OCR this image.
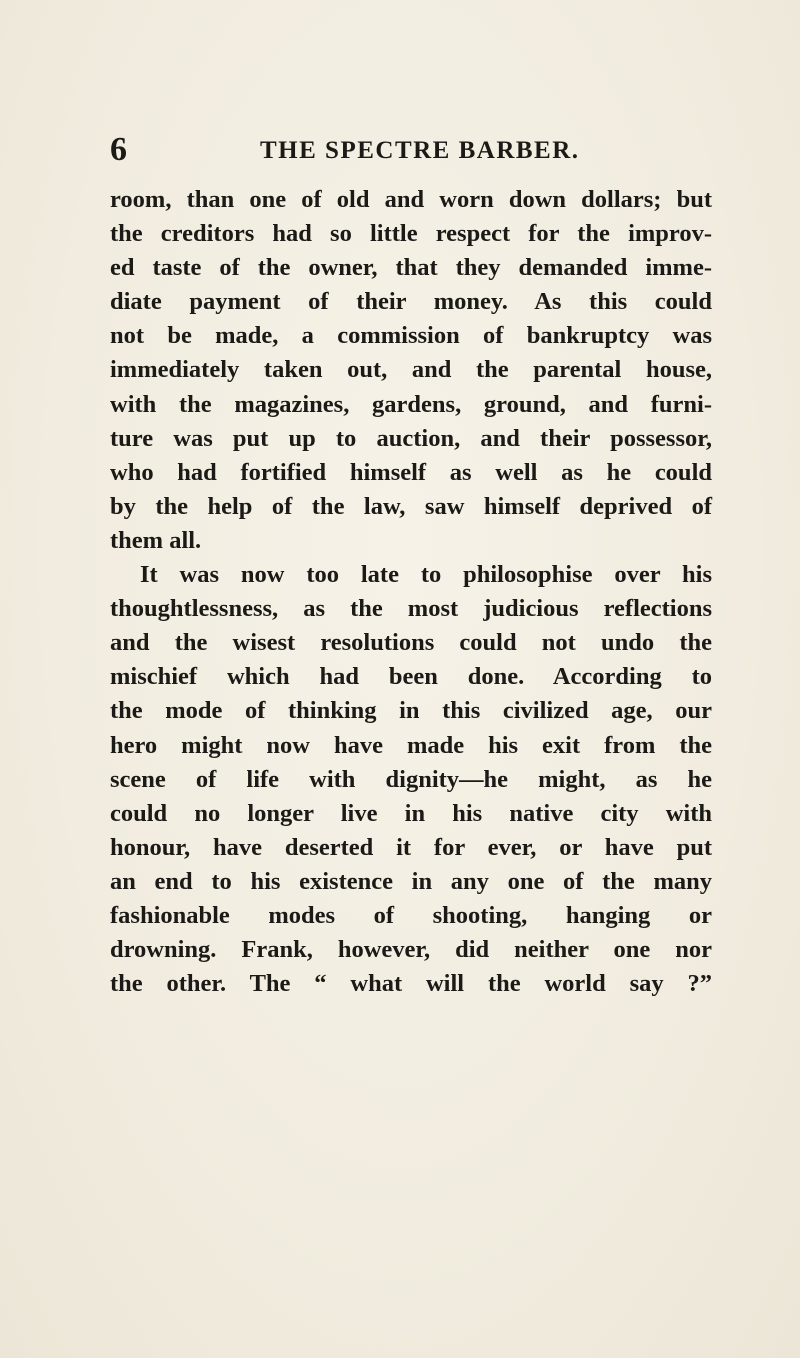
6	THE SPECTRE BARBER.
room, than one of old and worn down dollars; but
the creditors had so little respect for the improv-
ed taste of the owner, that they demanded imme-
diate payment of their money. As this could
not be made, a commission of bankruptcy was
immediately taken out, and the parental house,
with the magazines, gardens, ground, and furni-
ture was put up to auction, and their possessor,
who had fortified himself as well as he could
by the help of the law, saw himself deprived of
them all.
It was now too late to philosophise over his
thoughtlessness, as the most judicious reflections
and the wisest resolutions could not undo the
mischief which had been done. According to
the mode of thinking in this civilized age, our
hero might now have made his exit from the
scene of life with dignity—he might, as he
could no longer live in his native city with
honour, have deserted it for ever, or have put
an end to his existence in any one of the many
fashionable modes of shooting, hanging or
drowning. Frank, however, did neither one nor
the other. The “ what will the world say ?”
